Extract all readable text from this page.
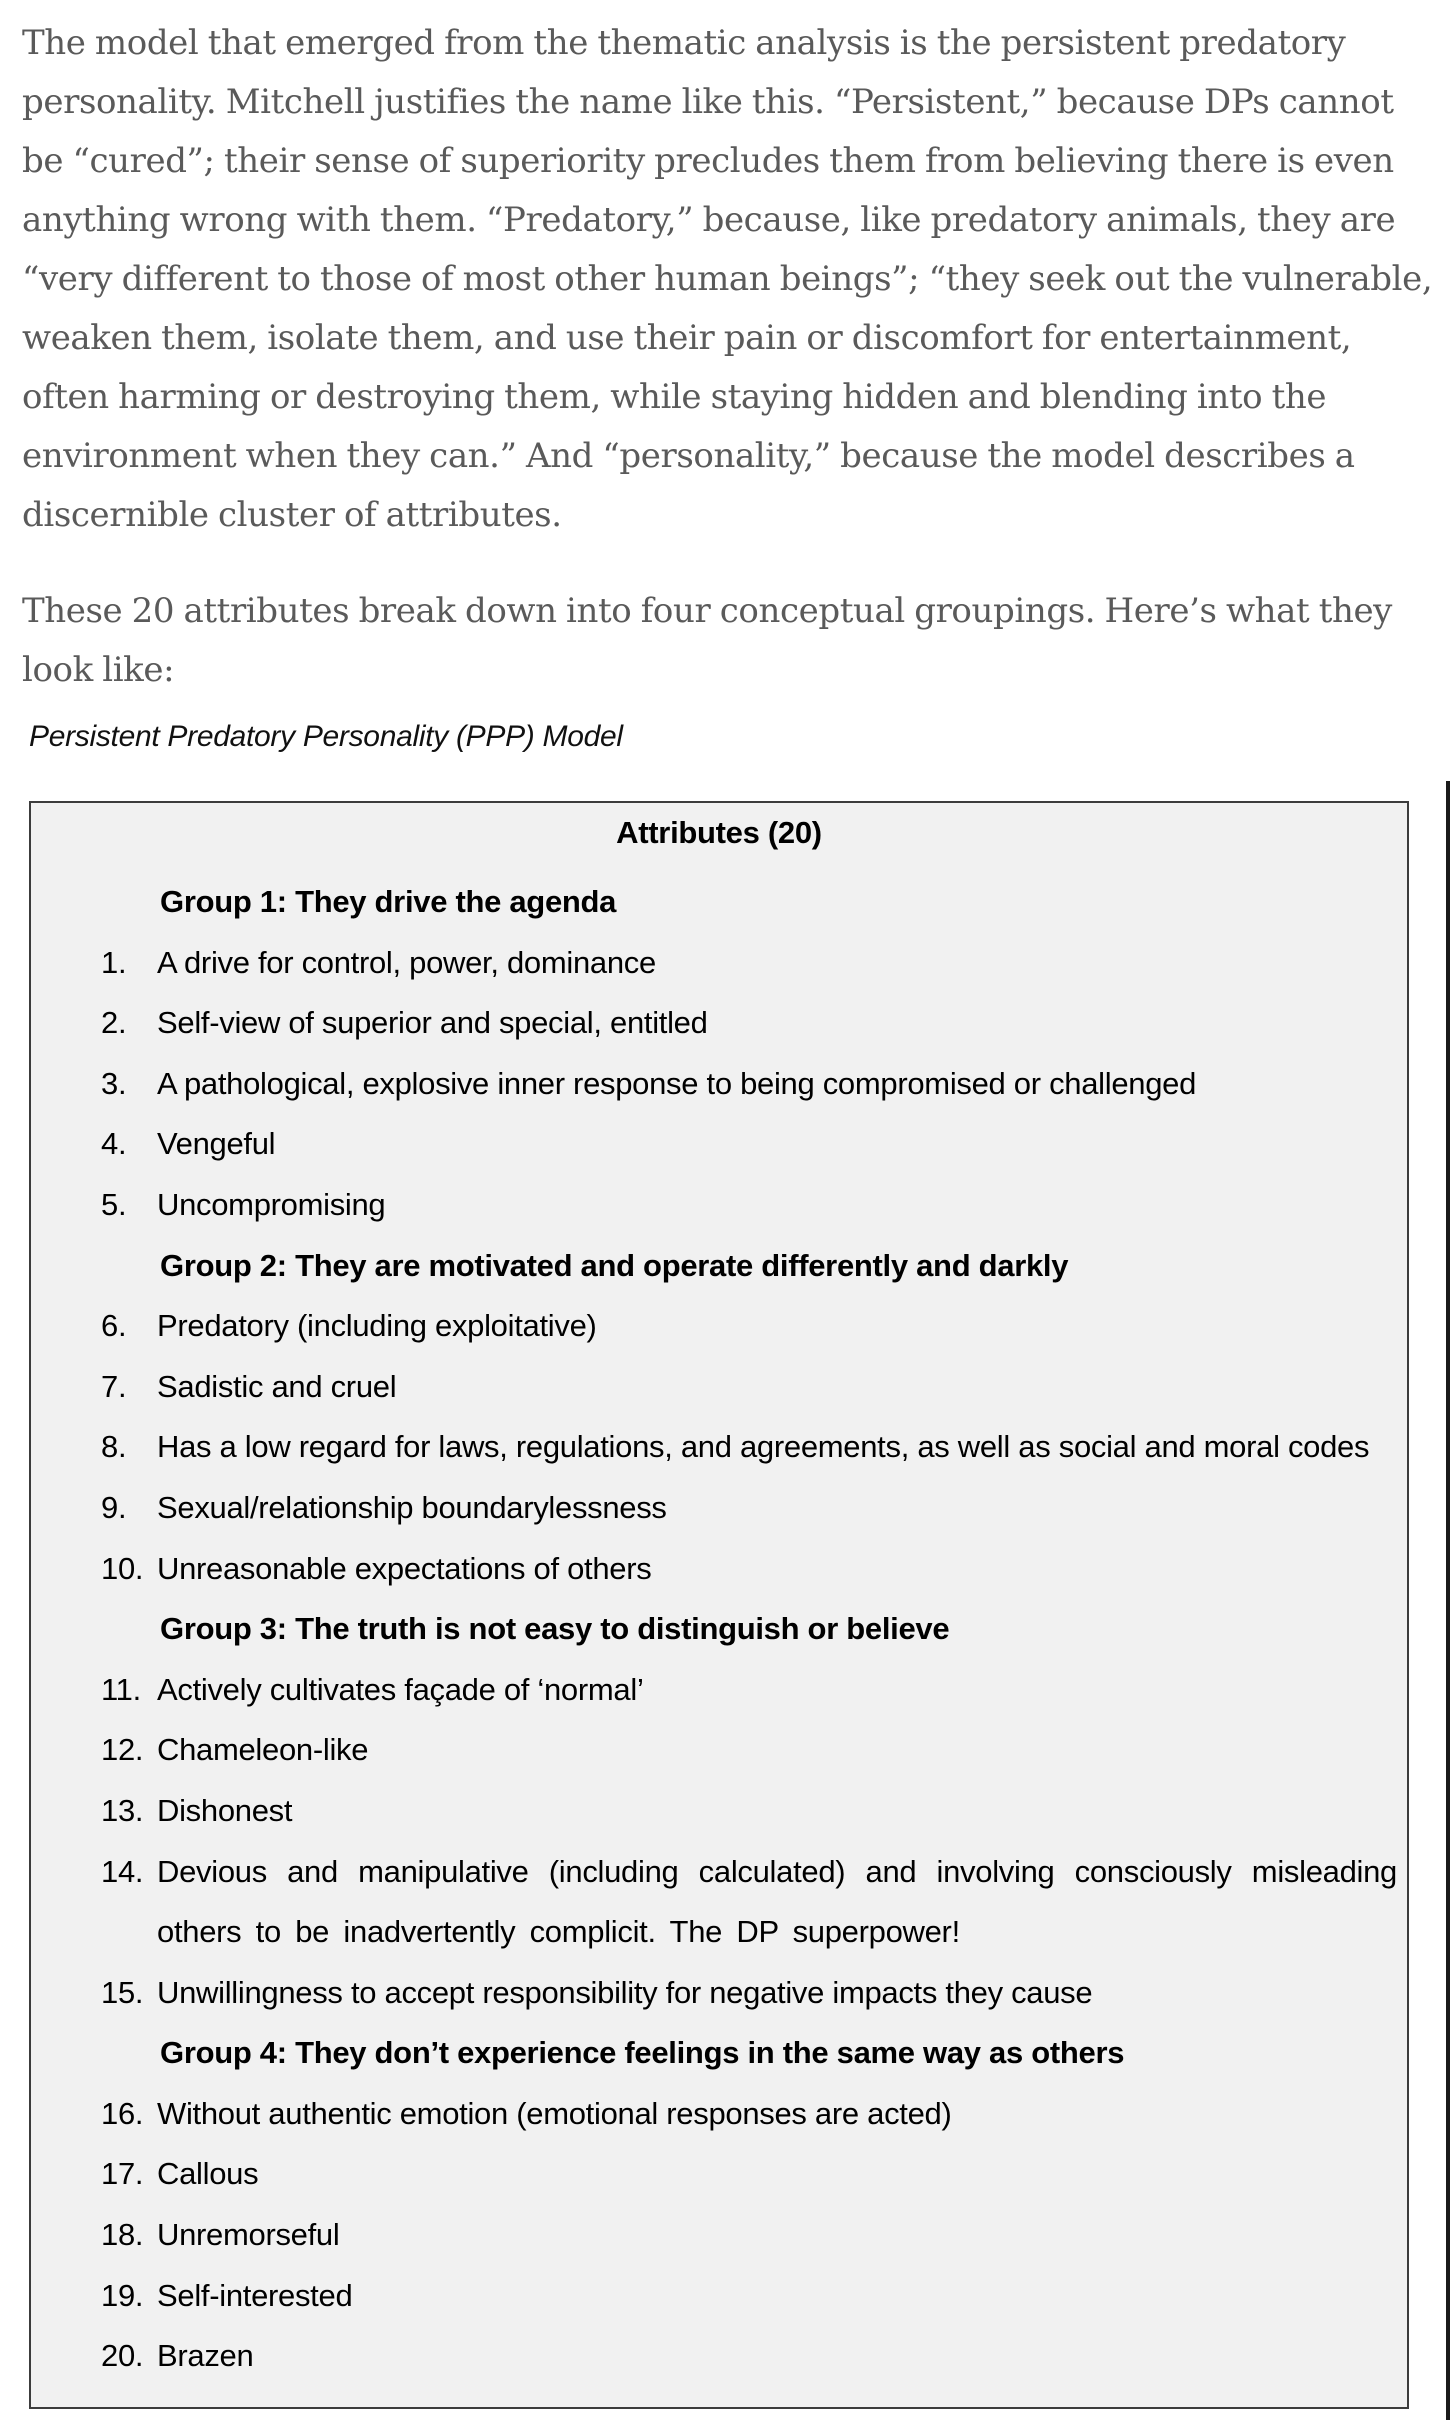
The model that emerged from the thematic analysis is the persistent predatory personality. Mitchell justifies the name like this. “Persistent,” because DPs cannot be “cured”; their sense of superiority precludes them from believing there is even anything wrong with them. “Predatory,” because, like predatory animals, they are “very different to those of most other human beings”; “they seek out the vulnerable, weaken them, isolate them, and use their pain or discomfort for entertainment, often harming or destroying them, while staying hidden and blending into the environment when they can.” And “personality,” because the model describes a discernible cluster of attributes.

These 20 attributes break down into four conceptual groupings. Here’s what they look like:

Persistent Predatory Personality (PPP) Model
Attributes (20)
Group 1: They drive the agenda
1. A drive for control, power, dominance
2. Self-view of superior and special, entitled
3. A pathological, explosive inner response to being compromised or challenged
4. Vengeful
5. Uncompromising
Group 2: They are motivated and operate differently and darkly
6. Predatory (including exploitative)
7. Sadistic and cruel
8. Has a low regard for laws, regulations, and agreements, as well as social and moral codes
9. Sexual/relationship boundarylessness
10. Unreasonable expectations of others
Group 3: The truth is not easy to distinguish or believe
11. Actively cultivates façade of ‘normal’
12. Chameleon-like
13. Dishonest
14. Devious and manipulative (including calculated) and involving consciously misleading others to be inadvertently complicit. The DP superpower!
15. Unwillingness to accept responsibility for negative impacts they cause
Group 4: They don’t experience feelings in the same way as others
16. Without authentic emotion (emotional responses are acted)
17. Callous
18. Unremorseful
19. Self-interested
20. Brazen
